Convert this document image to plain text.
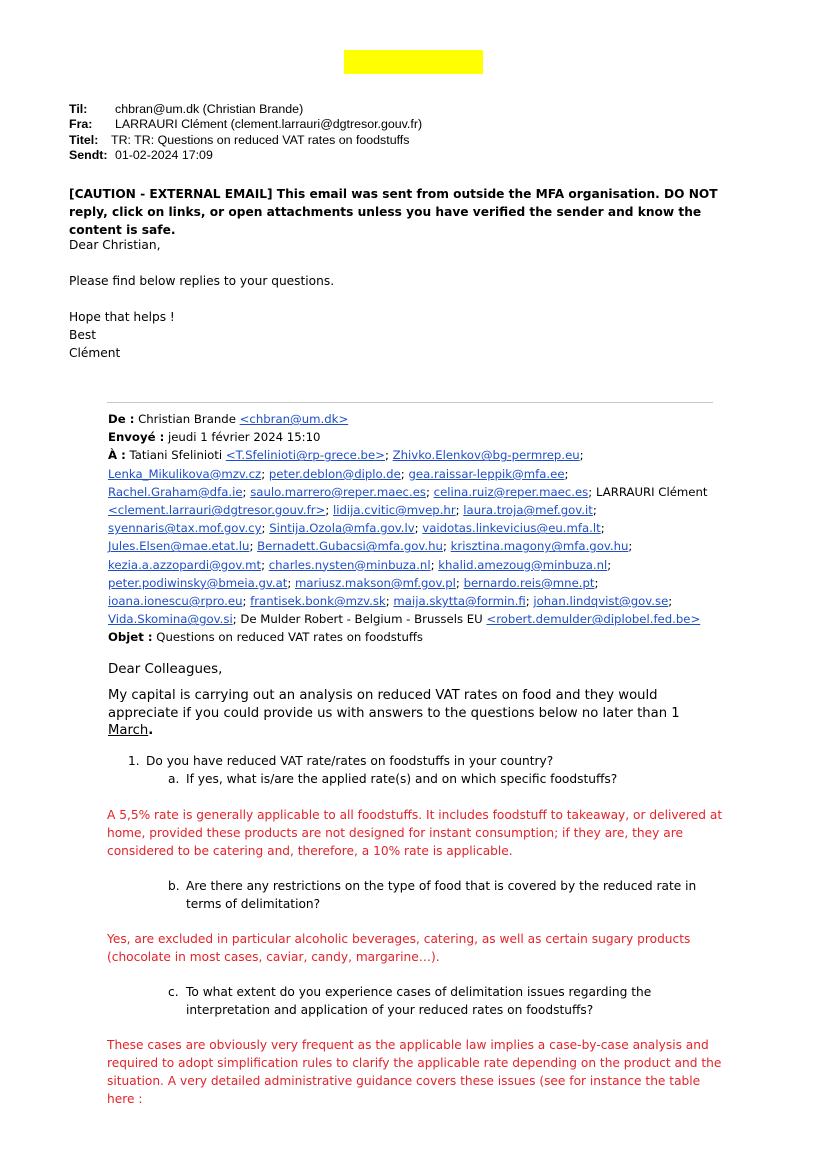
Til: chbran@um.dk (Christian Brande)
Fra: LARRAURI Clément (clement.larrauri@dgtresor.gouv.fr)
Titel: TR: TR: Questions on reduced VAT rates on foodstuffs
Sendt: 01-02-2024 17:09
[CAUTION - EXTERNAL EMAIL] This email was sent from outside the MFA organisation. DO NOT reply, click on links, or open attachments unless you have verified the sender and know the content is safe.
Dear Christian,
Please find below replies to your questions.
Hope that helps !
Best
Clément
De : Christian Brande <chbran@um.dk>
Envoyé : jeudi 1 février 2024 15:10
À : Tatiani Sfelinioti <T.Sfelinioti@rp-grece.be>; Zhivko.Elenkov@bg-permrep.eu;
Lenka_Mikulikova@mzv.cz; peter.deblon@diplo.de; gea.raissar-leppik@mfa.ee;
Rachel.Graham@dfa.ie; saulo.marrero@reper.maec.es; celina.ruiz@reper.maec.es; LARRAURI Clément
<clement.larrauri@dgtresor.gouv.fr>; lidija.cvitic@mvep.hr; laura.troja@mef.gov.it;
syennaris@tax.mof.gov.cy; Sintija.Ozola@mfa.gov.lv; vaidotas.linkevicius@eu.mfa.lt;
Jules.Elsen@mae.etat.lu; Bernadett.Gubacsi@mfa.gov.hu; krisztina.magony@mfa.gov.hu;
kezia.a.azzopardi@gov.mt; charles.nysten@minbuza.nl; khalid.amezoug@minbuza.nl;
peter.podiwinsky@bmeia.gv.at; mariusz.makson@mf.gov.pl; bernardo.reis@mne.pt;
ioana.ionescu@rpro.eu; frantisek.bonk@mzv.sk; maija.skytta@formin.fi; johan.lindqvist@gov.se;
Vida.Skomina@gov.si; De Mulder Robert - Belgium - Brussels EU <robert.demulder@diplobel.fed.be>
Objet : Questions on reduced VAT rates on foodstuffs
Dear Colleagues,
My capital is carrying out an analysis on reduced VAT rates on food and they would appreciate if you could provide us with answers to the questions below no later than 1 March.
1. Do you have reduced VAT rate/rates on foodstuffs in your country?
a. If yes, what is/are the applied rate(s) and on which specific foodstuffs?
A 5,5% rate is generally applicable to all foodstuffs. It includes foodstuff to takeaway, or delivered at home, provided these products are not designed for instant consumption; if they are, they are considered to be catering and, therefore, a 10% rate is applicable.
b. Are there any restrictions on the type of food that is covered by the reduced rate in terms of delimitation?
Yes, are excluded in particular alcoholic beverages, catering, as well as certain sugary products (chocolate in most cases, caviar, candy, margarine…).
c. To what extent do you experience cases of delimitation issues regarding the interpretation and application of your reduced rates on foodstuffs?
These cases are obviously very frequent as the applicable law implies a case-by-case analysis and required to adopt simplification rules to clarify the applicable rate depending on the product and the situation. A very detailed administrative guidance covers these issues (see for instance the table here :
